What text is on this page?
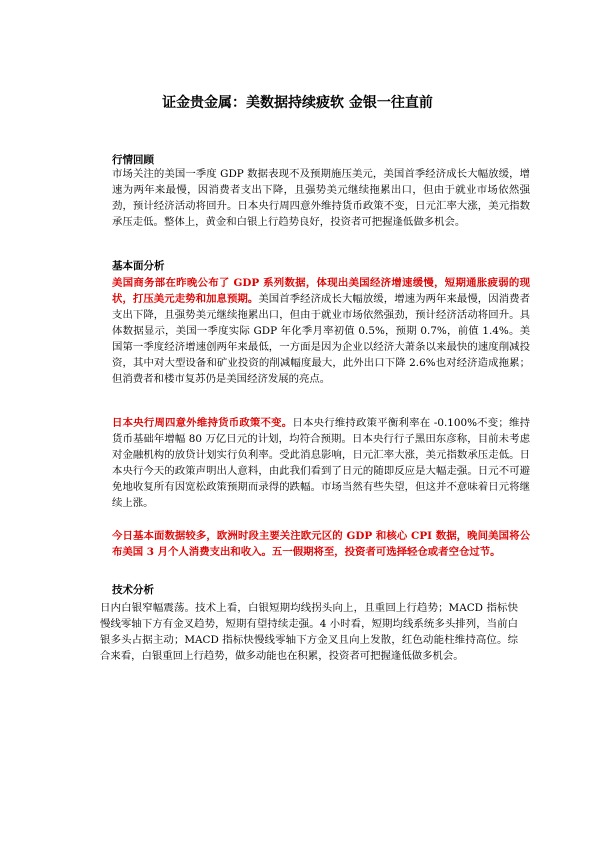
证金贵金属：美数据持续疲软 金银一往直前
行情回顾

市场关注的美国一季度 GDP 数据表现不及预期施压美元，美国首季经济成长大幅放缓，增速为两年来最慢，因消费者支出下降，且强势美元继续拖累出口，但由于就业市场依然强劲，预计经济活动将回升。日本央行周四意外维持货币政策不变，日元汇率大涨，美元指数承压走低。整体上，黄金和白银上行趋势良好，投资者可把握逢低做多机会。

基本面分析

美国商务部在昨晚公布了 GDP 系列数据，体现出美国经济增速缓慢，短期通胀疲弱的现状，打压美元走势和加息预期。美国首季经济成长大幅放缓，增速为两年来最慢，因消费者支出下降，且强势美元继续拖累出口，但由于就业市场依然强劲，预计经济活动将回升。具体数据显示，美国一季度实际 GDP 年化季月率初值 0.5%，预期 0.7%，前值 1.4%。美国第一季度经济增速创两年来最低，一方面是因为企业以经济大萧条以来最快的速度削减投资，其中对大型设备和矿业投资的削减幅度最大，此外出口下降 2.6%也对经济造成拖累；但消费者和楼市复苏仍是美国经济发展的亮点。

日本央行周四意外维持货币政策不变。日本央行维持政策平衡利率在 -0.100%不变；维持货币基础年增幅 80 万亿日元的计划，均符合预期。日本央行行子黑田东彦称，目前未考虑对金融机构的放贷计划实行负利率。受此消息影响，日元汇率大涨，美元指数承压走低。日本央行今天的政策声明出人意料，由此我们看到了日元的随即反应是大幅走强。日元不可避免地收复所有因宽松政策预期而录得的跌幅。市场当然有些失望，但这并不意味着日元将继续上涨。

今日基本面数据较多，欧洲时段主要关注欧元区的 GDP 和核心 CPI 数据，晚间美国将公布美国 3 月个人消费支出和收入。五一假期将至，投资者可选择轻仓或者空仓过节。

技术分析

日内白银窄幅震荡。技术上看，白银短期均线拐头向上，且重回上行趋势；MACD 指标快慢线零轴下方有金叉趋势，短期有望持续走强。4 小时看，短期均线系统多头排列，当前白银多头占据主动；MACD 指标快慢线零轴下方金叉且向上发散，红色动能柱维持高位。综合来看，白银重回上行趋势，做多动能也在积累，投资者可把握逢低做多机会。
